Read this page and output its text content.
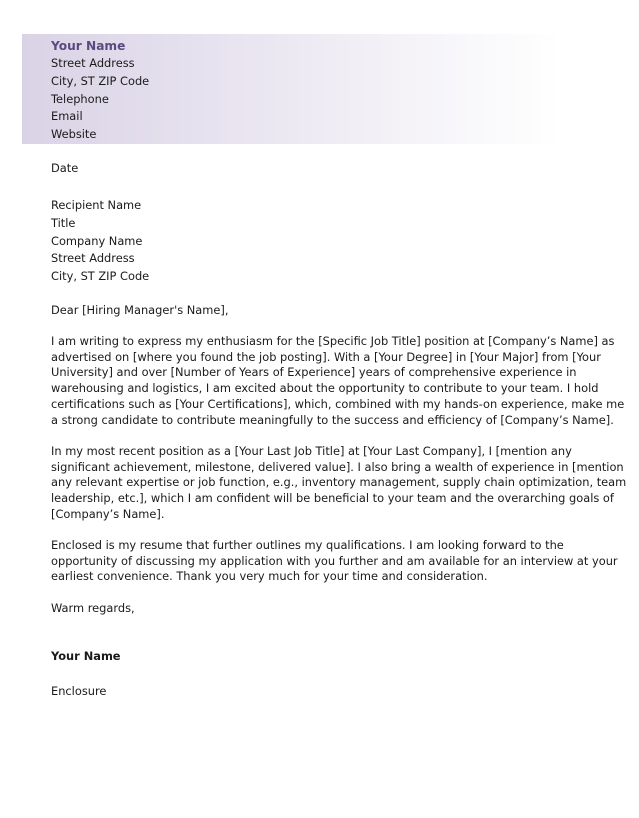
Your Name
Street Address
City, ST ZIP Code
Telephone
Email
Website
Date
Recipient Name
Title
Company Name
Street Address
City, ST ZIP Code
Dear [Hiring Manager's Name],
I am writing to express my enthusiasm for the [Specific Job Title] position at [Company’s Name] as
advertised on [where you found the job posting]. With a [Your Degree] in [Your Major] from [Your
University] and over [Number of Years of Experience] years of comprehensive experience in
warehousing and logistics, I am excited about the opportunity to contribute to your team. I hold
certifications such as [Your Certifications], which, combined with my hands-on experience, make me
a strong candidate to contribute meaningfully to the success and efficiency of [Company’s Name].
In my most recent position as a [Your Last Job Title] at [Your Last Company], I [mention any
significant achievement, milestone, delivered value]. I also bring a wealth of experience in [mention
any relevant expertise or job function, e.g., inventory management, supply chain optimization, team
leadership, etc.], which I am confident will be beneficial to your team and the overarching goals of
[Company’s Name].
Enclosed is my resume that further outlines my qualifications. I am looking forward to the
opportunity of discussing my application with you further and am available for an interview at your
earliest convenience. Thank you very much for your time and consideration.
Warm regards,
Your Name
Enclosure
